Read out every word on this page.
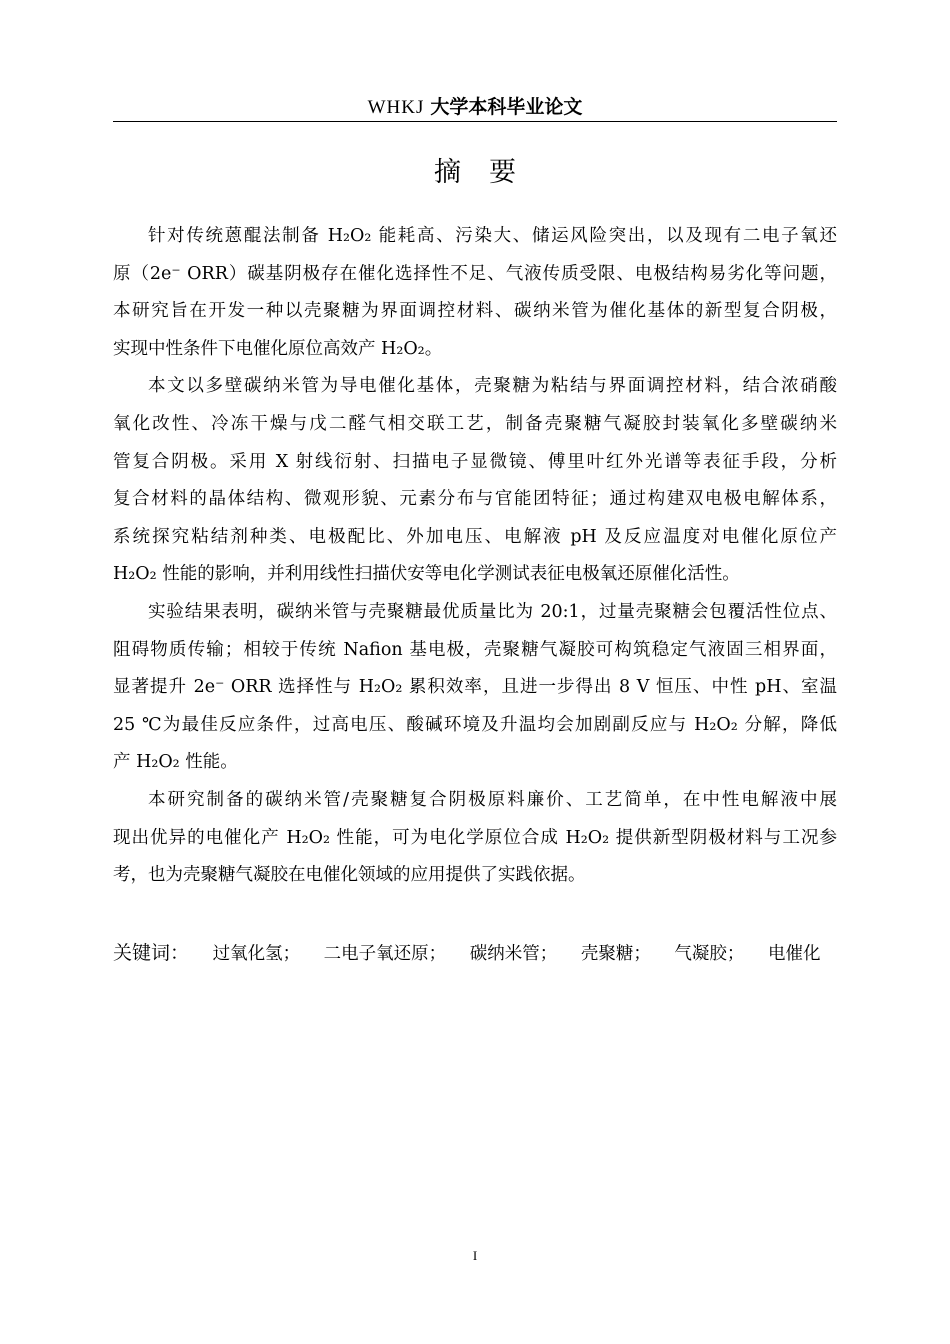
WHKJ 大学本科毕业论文
摘要
针对传统蒽醌法制备 H₂O₂ 能耗高、污染大、储运风险突出，以及现有二电子氧还
原（2e⁻ ORR）碳基阴极存在催化选择性不足、气液传质受限、电极结构易劣化等问题，
本研究旨在开发一种以壳聚糖为界面调控材料、碳纳米管为催化基体的新型复合阴极，
实现中性条件下电催化原位高效产 H₂O₂。
本文以多壁碳纳米管为导电催化基体，壳聚糖为粘结与界面调控材料，结合浓硝酸
氧化改性、冷冻干燥与戊二醛气相交联工艺，制备壳聚糖气凝胶封装氧化多壁碳纳米
管复合阴极。采用 X 射线衍射、扫描电子显微镜、傅里叶红外光谱等表征手段，分析
复合材料的晶体结构、微观形貌、元素分布与官能团特征；通过构建双电极电解体系，
系统探究粘结剂种类、电极配比、外加电压、电解液 pH 及反应温度对电催化原位产
H₂O₂ 性能的影响，并利用线性扫描伏安等电化学测试表征电极氧还原催化活性。
实验结果表明，碳纳米管与壳聚糖最优质量比为 20:1，过量壳聚糖会包覆活性位点、
阻碍物质传输；相较于传统 Nafion 基电极，壳聚糖气凝胶可构筑稳定气液固三相界面，
显著提升 2e⁻ ORR 选择性与 H₂O₂ 累积效率，且进一步得出 8 V 恒压、中性 pH、室温
25 ℃为最佳反应条件，过高电压、酸碱环境及升温均会加剧副反应与 H₂O₂ 分解，降低
产 H₂O₂ 性能。
本研究制备的碳纳米管/壳聚糖复合阴极原料廉价、工艺简单，在中性电解液中展
现出优异的电催化产 H₂O₂ 性能，可为电化学原位合成 H₂O₂ 提供新型阴极材料与工况参
考，也为壳聚糖气凝胶在电催化领域的应用提供了实践依据。
关键词： 过氧化氢； 二电子氧还原； 碳纳米管； 壳聚糖； 气凝胶； 电催化
I
